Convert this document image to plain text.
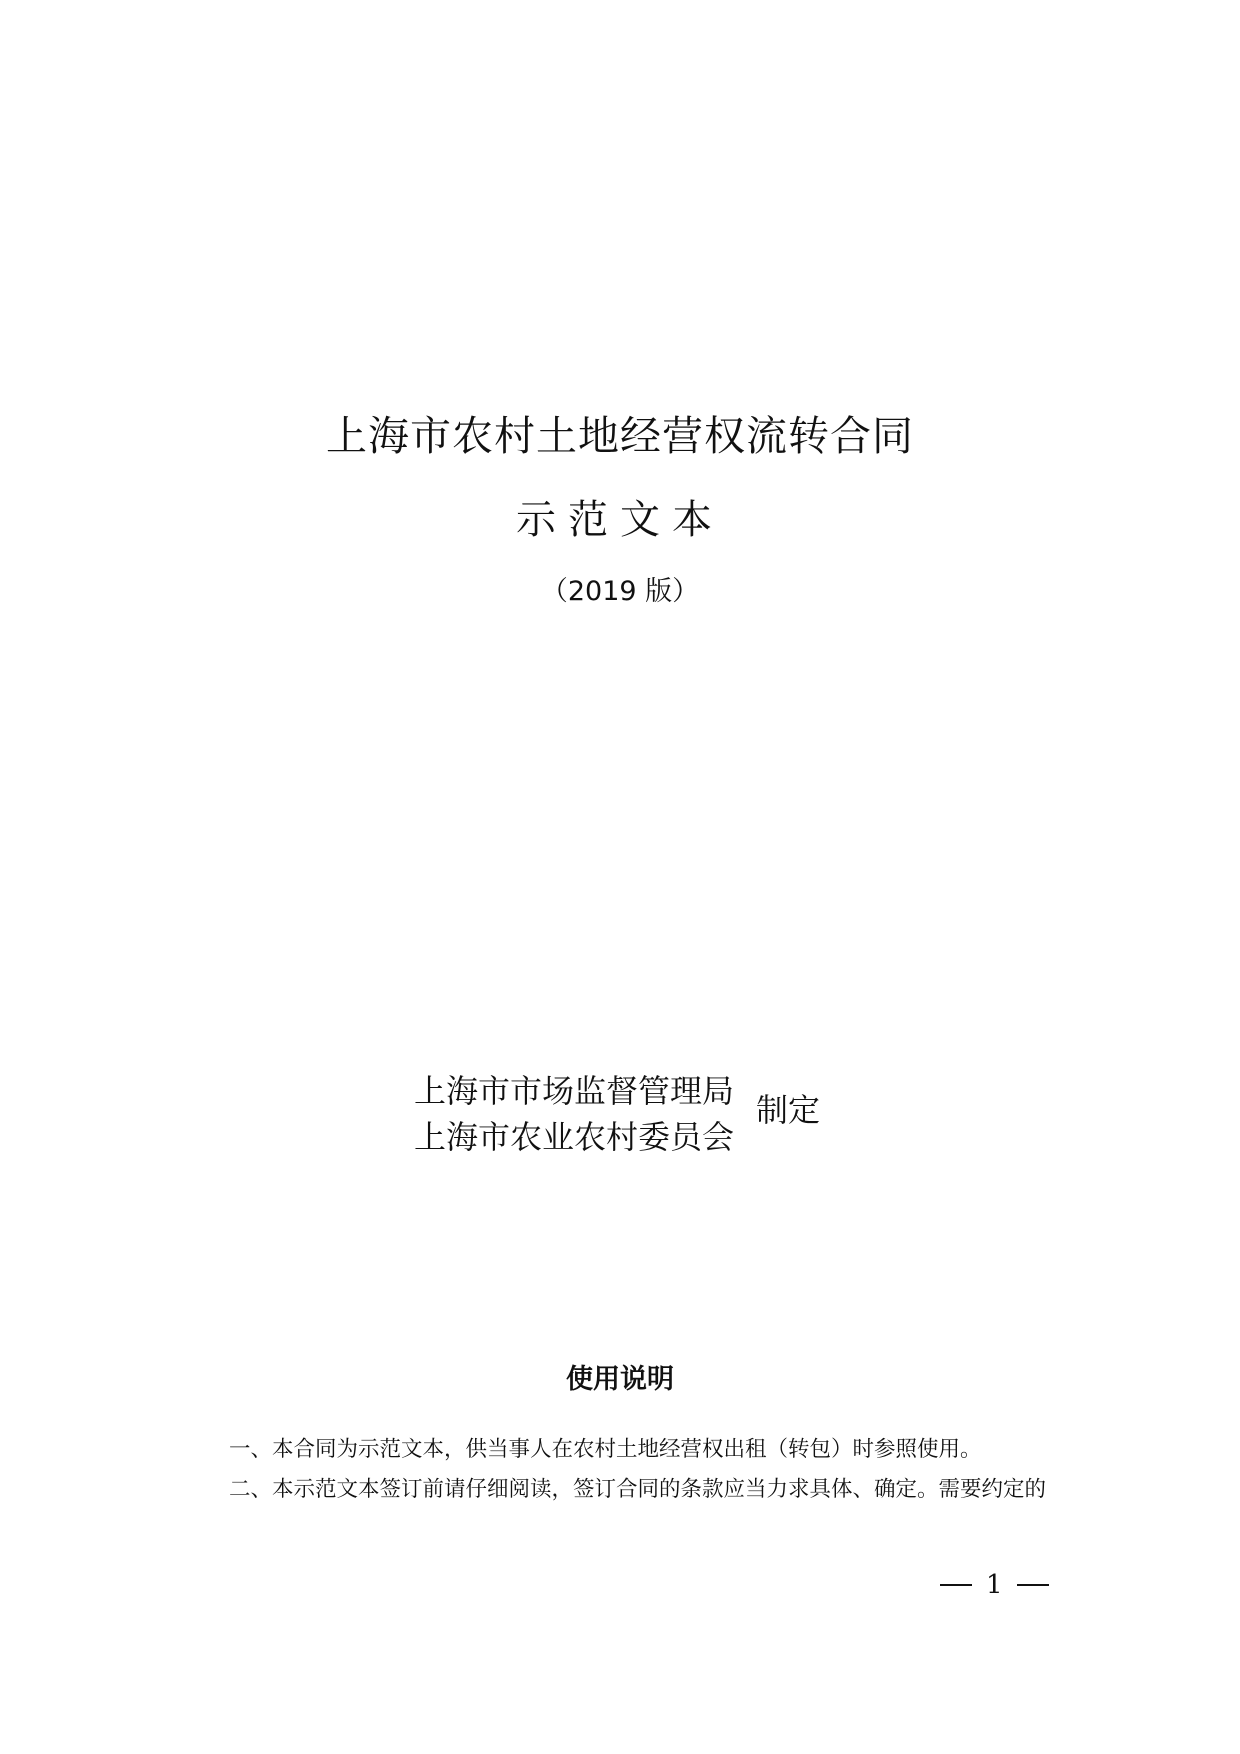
上海市农村土地经营权流转合同
示范文本
（2019 版）
上海市市场监督管理局
上海市农业农村委员会
制定
使用说明
一、本合同为示范文本，供当事人在农村土地经营权出租（转包）时参照使用。
二、本示范文本签订前请仔细阅读，签订合同的条款应当力求具体、确定。需要约定的
1
